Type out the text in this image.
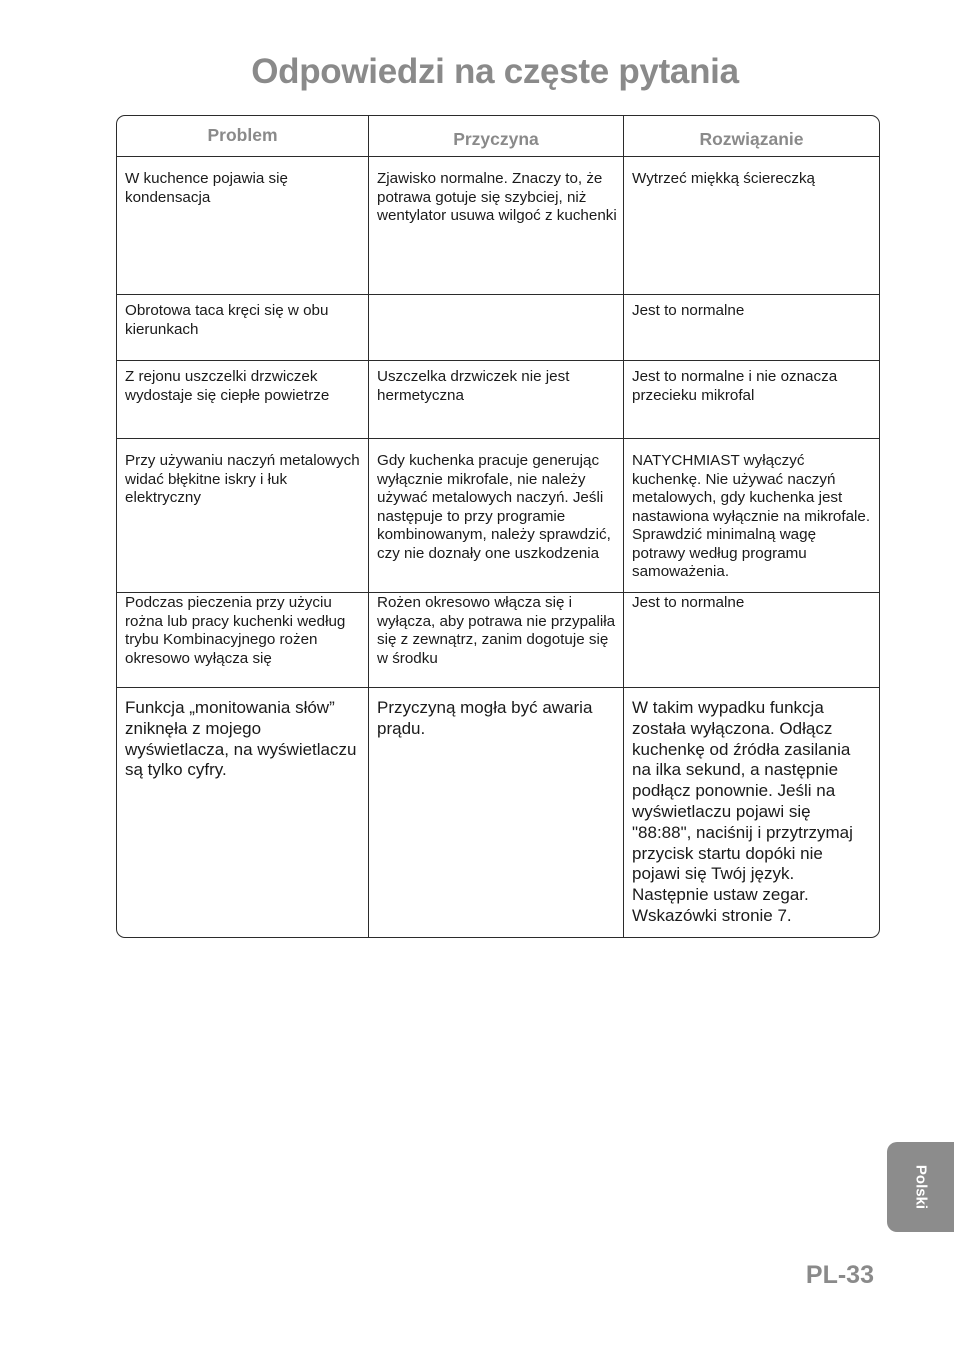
Odpowiedzi na częste pytania
Problem	Przyczyna	Rozwiązanie
W kuchence pojawia się kondensacja
Zjawisko normalne. Znaczy to, że potrawa gotuje się szybciej, niż wentylator usuwa wilgoć z kuchenki
Wytrzeć miękką ściereczką
Obrotowa taca kręci się w obu kierunkach
Jest to normalne
Z rejonu uszczelki drzwiczek wydostaje się ciepłe powietrze
Uszczelka drzwiczek nie jest hermetyczna
Jest to normalne i nie oznacza przecieku mikrofal
Przy używaniu naczyń metalowych widać błękitne iskry i łuk elektryczny
Gdy kuchenka pracuje generując wyłącznie mikrofale, nie należy używać metalowych naczyń. Jeśli następuje to przy programie kombinowanym, należy sprawdzić, czy nie doznały one uszkodzenia
NATYCHMIAST wyłączyć kuchenkę. Nie używać naczyń metalowych, gdy kuchenka jest nastawiona wyłącznie na mikrofale. Sprawdzić minimalną wagę potrawy według programu samoważenia.
Podczas pieczenia przy użyciu rożna lub pracy kuchenki według trybu Kombinacyjnego rożen okresowo wyłącza się
Rożen okresowo włącza się i wyłącza, aby potrawa nie przypaliła się z zewnątrz, zanim dogotuje się w środku
Jest to normalne
Funkcja „monitowania słów” zniknęła z mojego wyświetlacza, na wyświetlaczu są tylko cyfry.
Przyczyną mogła być awaria prądu.
W takim wypadku funkcja została wyłączona. Odłącz kuchenkę od źródła zasilania na ilka sekund, a następnie podłącz ponownie. Jeśli na wyświetlaczu pojawi się "88:88", naciśnij i przytrzymaj przycisk startu dopóki nie pojawi się Twój język. Następnie ustaw zegar. Wskazówki stronie 7.
Polski
PL-33
